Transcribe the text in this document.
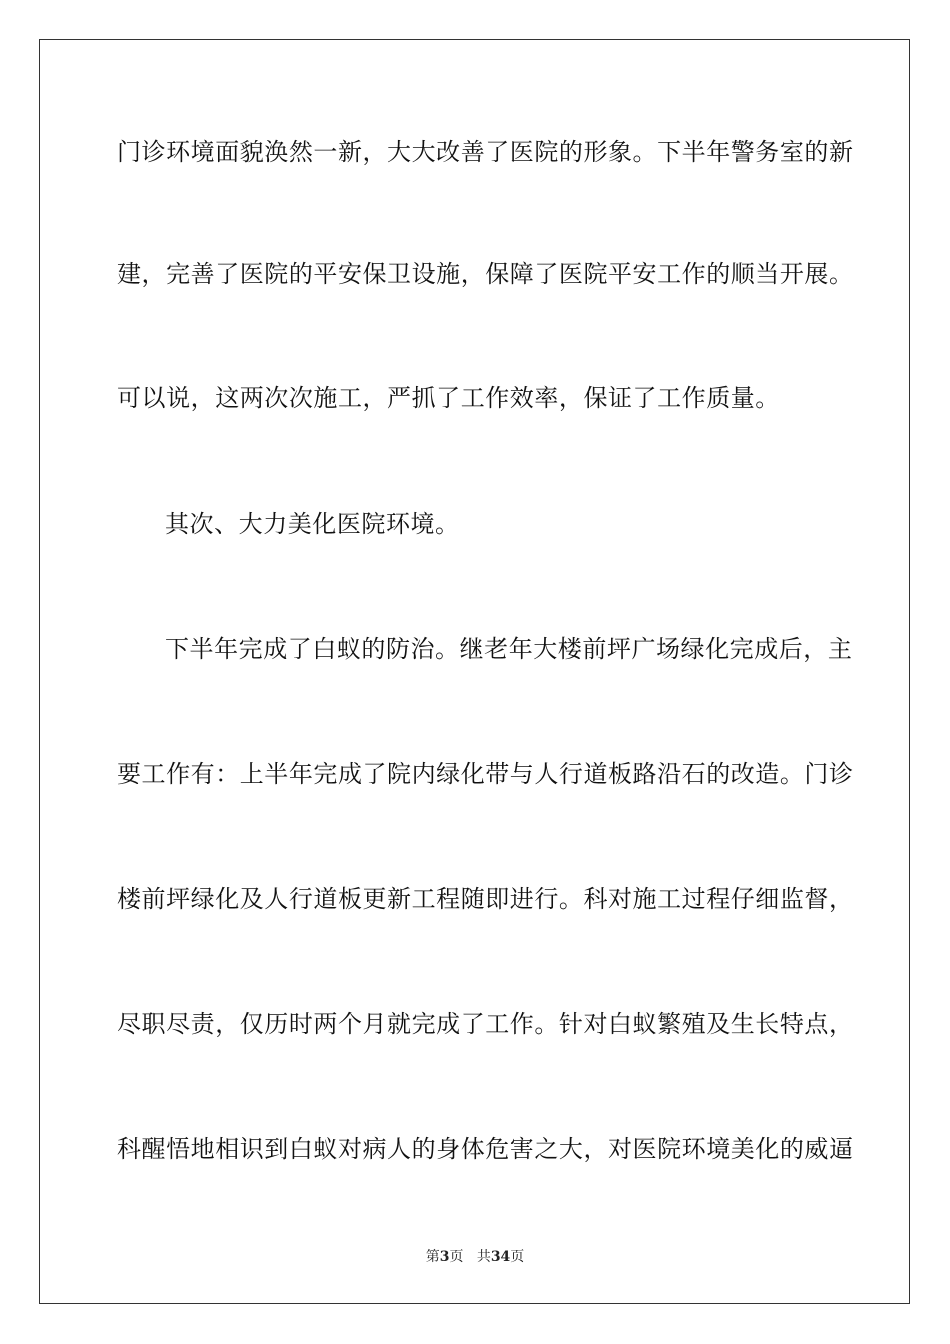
门诊环境面貌涣然一新，大大改善了医院的形象。下半年警务室的新
建，完善了医院的平安保卫设施，保障了医院平安工作的顺当开展。
可以说，这两次次施工，严抓了工作效率，保证了工作质量。
其次、大力美化医院环境。
下半年完成了白蚁的防治。继老年大楼前坪广场绿化完成后，主
要工作有：上半年完成了院内绿化带与人行道板路沿石的改造。门诊
楼前坪绿化及人行道板更新工程随即进行。科对施工过程仔细监督，
尽职尽责，仅历时两个月就完成了工作。针对白蚁繁殖及生长特点，
科醒悟地相识到白蚁对病人的身体危害之大，对医院环境美化的威逼
第3页 共34页
